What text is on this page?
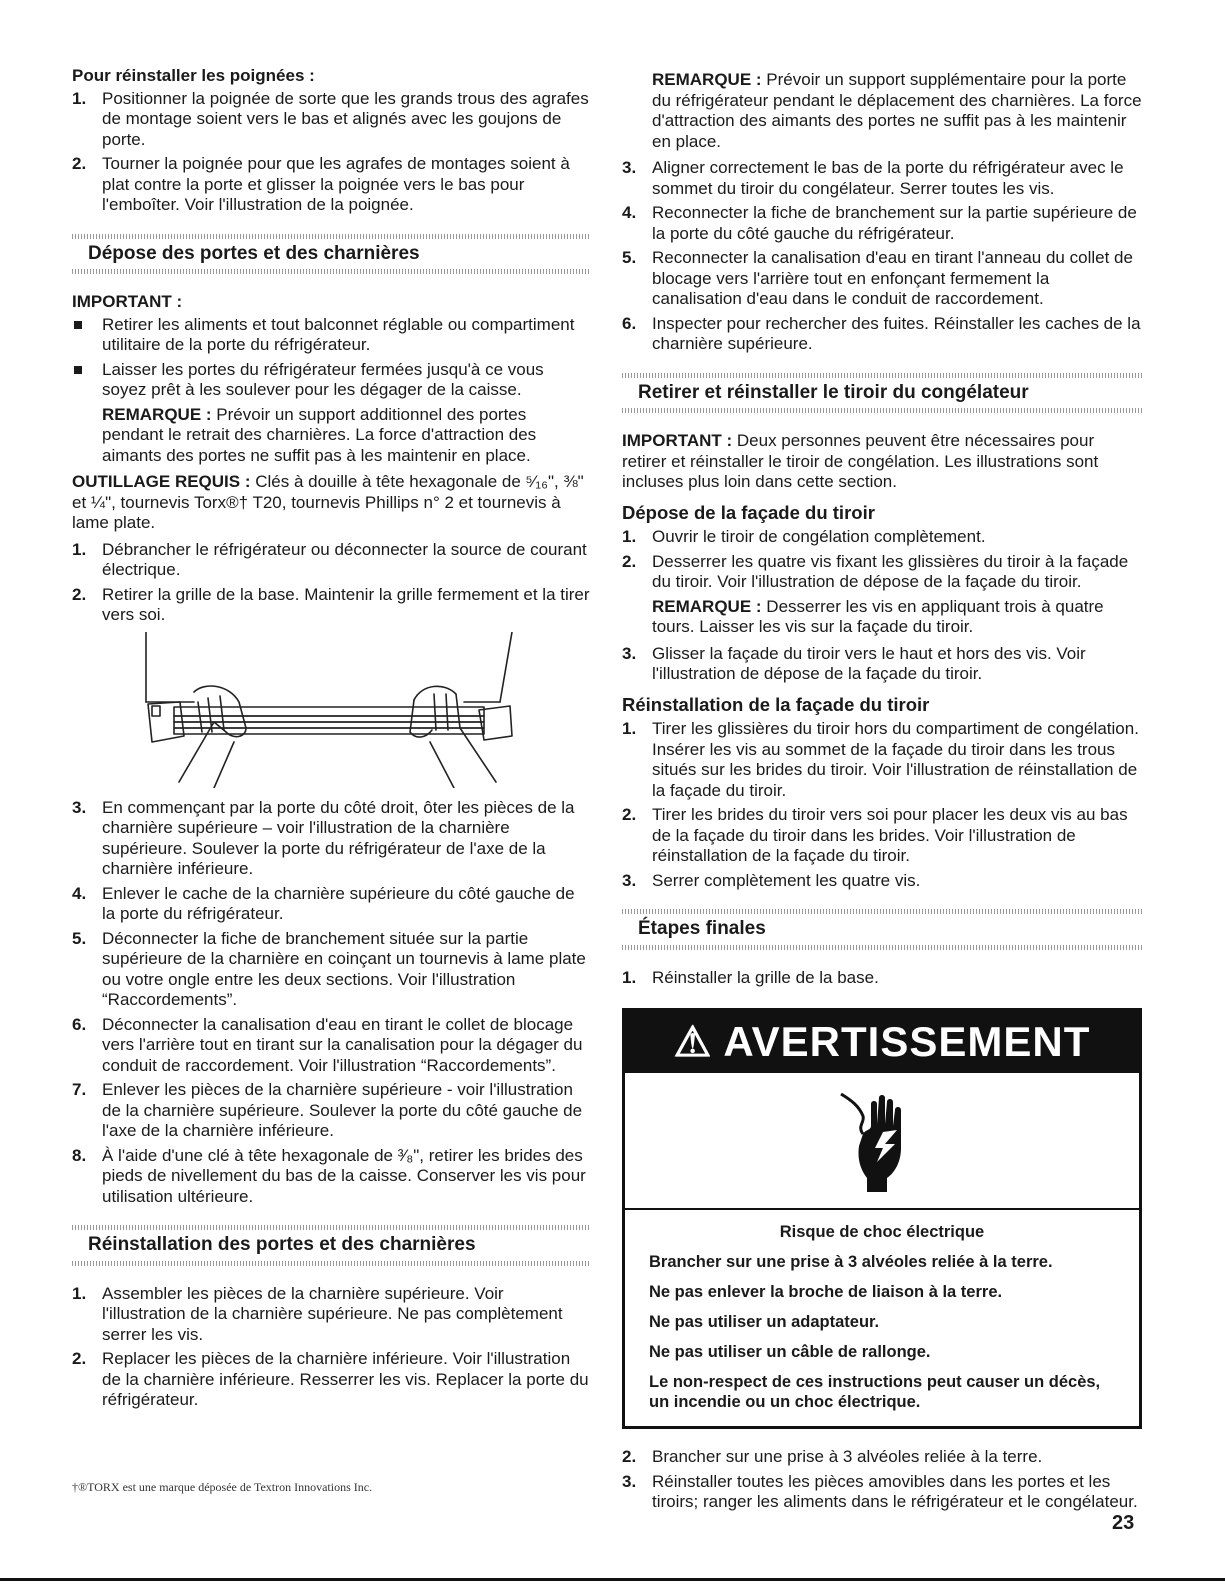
Pour réinstaller les poignées :
1. Positionner la poignée de sorte que les grands trous des agrafes de montage soient vers le bas et alignés avec les goujons de porte.
2. Tourner la poignée pour que les agrafes de montages soient à plat contre la porte et glisser la poignée vers le bas pour l'emboîter. Voir l'illustration de la poignée.
Dépose des portes et des charnières
IMPORTANT :
Retirer les aliments et tout balconnet réglable ou compartiment utilitaire de la porte du réfrigérateur.
Laisser les portes du réfrigérateur fermées jusqu'à ce vous soyez prêt à les soulever pour les dégager de la caisse.
REMARQUE : Prévoir un support additionnel des portes pendant le retrait des charnières. La force d'attraction des aimants des portes ne suffit pas à les maintenir en place.

OUTILLAGE REQUIS : Clés à douille à tête hexagonale de ⁵⁄₁₆", ⅜" et ¼", tournevis Torx®† T20, tournevis Phillips n° 2 et tournevis à lame plate.

1. Débrancher le réfrigérateur ou déconnecter la source de courant électrique.
2. Retirer la grille de la base. Maintenir la grille fermement et la tirer vers soi.
3. En commençant par la porte du côté droit, ôter les pièces de la charnière supérieure – voir l'illustration de la charnière supérieure. Soulever la porte du réfrigérateur de l'axe de la charnière inférieure.
4. Enlever le cache de la charnière supérieure du côté gauche de la porte du réfrigérateur.
5. Déconnecter la fiche de branchement située sur la partie supérieure de la charnière en coinçant un tournevis à lame plate ou votre ongle entre les deux sections. Voir l'illustration “Raccordements”.
6. Déconnecter la canalisation d'eau en tirant le collet de blocage vers l'arrière tout en tirant sur la canalisation pour la dégager du conduit de raccordement. Voir l'illustration “Raccordements”.
7. Enlever les pièces de la charnière supérieure - voir l'illustration de la charnière supérieure. Soulever la porte du côté gauche de l'axe de la charnière inférieure.
8. À l'aide d'une clé à tête hexagonale de ³⁄₈", retirer les brides des pieds de nivellement du bas de la caisse. Conserver les vis pour utilisation ultérieure.
Réinstallation des portes et des charnières
1. Assembler les pièces de la charnière supérieure. Voir l'illustration de la charnière supérieure. Ne pas complètement serrer les vis.
2. Replacer les pièces de la charnière inférieure. Voir l'illustration de la charnière inférieure. Resserrer les vis. Replacer la porte du réfrigérateur.
REMARQUE : Prévoir un support supplémentaire pour la porte du réfrigérateur pendant le déplacement des charnières. La force d'attraction des aimants des portes ne suffit pas à les maintenir en place.
3. Aligner correctement le bas de la porte du réfrigérateur avec le sommet du tiroir du congélateur. Serrer toutes les vis.
4. Reconnecter la fiche de branchement sur la partie supérieure de la porte du côté gauche du réfrigérateur.
5. Reconnecter la canalisation d'eau en tirant l'anneau du collet de blocage vers l'arrière tout en enfonçant fermement la canalisation d'eau dans le conduit de raccordement.
6. Inspecter pour rechercher des fuites. Réinstaller les caches de la charnière supérieure.
Retirer et réinstaller le tiroir du congélateur

IMPORTANT : Deux personnes peuvent être nécessaires pour retirer et réinstaller le tiroir de congélation. Les illustrations sont incluses plus loin dans cette section.

Dépose de la façade du tiroir
1. Ouvrir le tiroir de congélation complètement.
2. Desserrer les quatre vis fixant les glissières du tiroir à la façade du tiroir. Voir l'illustration de dépose de la façade du tiroir.
REMARQUE : Desserrer les vis en appliquant trois à quatre tours. Laisser les vis sur la façade du tiroir.
3. Glisser la façade du tiroir vers le haut et hors des vis. Voir l'illustration de dépose de la façade du tiroir.
Réinstallation de la façade du tiroir
1. Tirer les glissières du tiroir hors du compartiment de congélation. Insérer les vis au sommet de la façade du tiroir dans les trous situés sur les brides du tiroir. Voir l'illustration de réinstallation de la façade du tiroir.
2. Tirer les brides du tiroir vers soi pour placer les deux vis au bas de la façade du tiroir dans les brides. Voir l'illustration de réinstallation de la façade du tiroir.
3. Serrer complètement les quatre vis.
Étapes finales
1. Réinstaller la grille de la base.
⚠ AVERTISSEMENT
Risque de choc électrique
Brancher sur une prise à 3 alvéoles reliée à la terre.
Ne pas enlever la broche de liaison à la terre.
Ne pas utiliser un adaptateur.
Ne pas utiliser un câble de rallonge.
Le non-respect de ces instructions peut causer un décès, un incendie ou un choc électrique.
2. Brancher sur une prise à 3 alvéoles reliée à la terre.
3. Réinstaller toutes les pièces amovibles dans les portes et les tiroirs; ranger les aliments dans le réfrigérateur et le congélateur.
†®TORX est une marque déposée de Textron Innovations Inc.
23
